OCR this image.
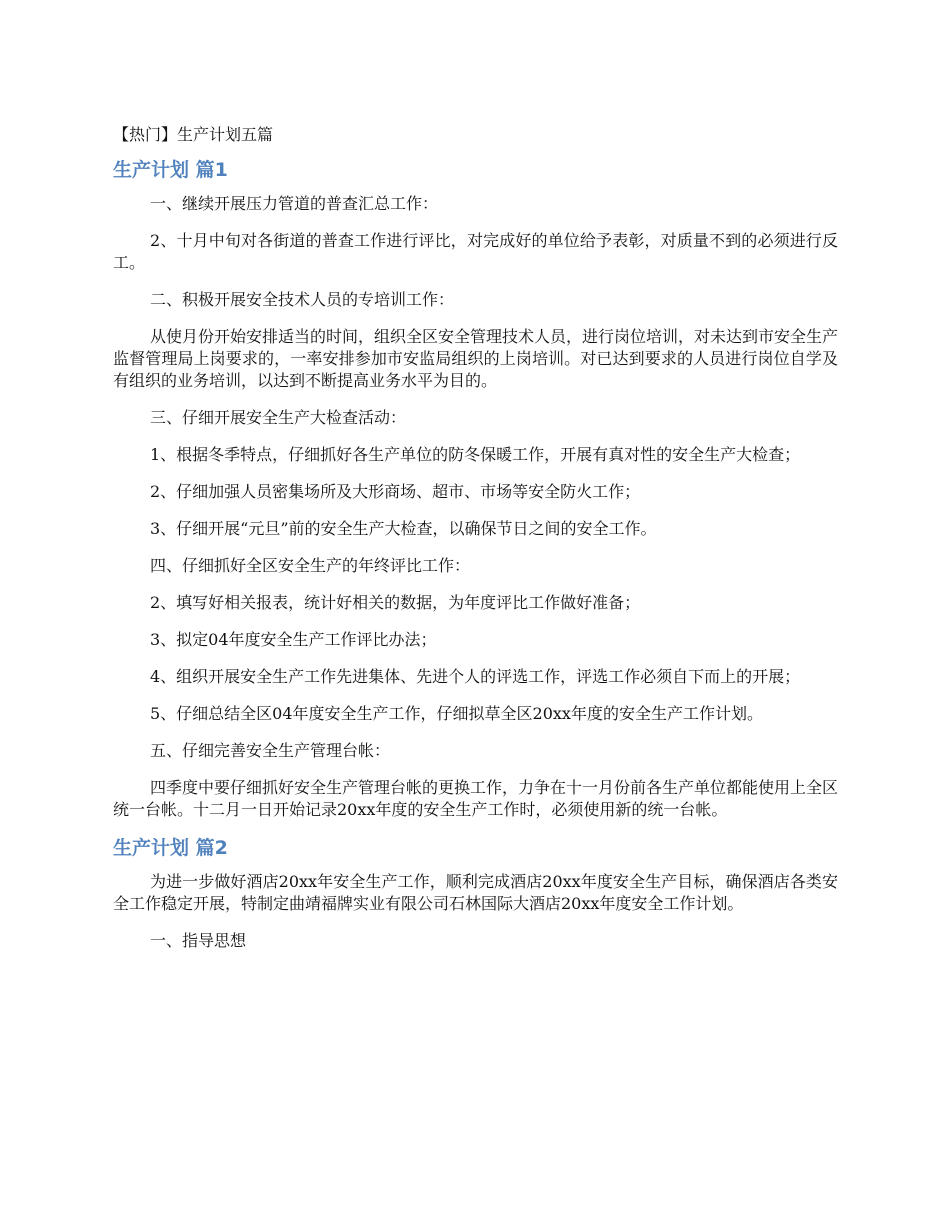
【热门】生产计划五篇
生产计划 篇1

一、继续开展压力管道的普查汇总工作：

2、十月中旬对各街道的普查工作进行评比，对完成好的单位给予表彰，对质量不到的必须进行反工。

二、积极开展安全技术人员的专培训工作：

从使月份开始安排适当的时间，组织全区安全管理技术人员，进行岗位培训，对未达到市安全生产监督管理局上岗要求的，一率安排参加市安监局组织的上岗培训。对已达到要求的人员进行岗位自学及有组织的业务培训，以达到不断提高业务水平为目的。

三、仔细开展安全生产大检查活动：

1、根据冬季特点，仔细抓好各生产单位的防冬保暖工作，开展有真对性的安全生产大检查；

2、仔细加强人员密集场所及大形商场、超市、市场等安全防火工作；

3、仔细开展“元旦”前的安全生产大检查，以确保节日之间的安全工作。

四、仔细抓好全区安全生产的年终评比工作：

2、填写好相关报表，统计好相关的数据，为年度评比工作做好准备；

3、拟定04年度安全生产工作评比办法；

4、组织开展安全生产工作先进集体、先进个人的评选工作，评选工作必须自下而上的开展；

5、仔细总结全区04年度安全生产工作，仔细拟草全区20xx年度的安全生产工作计划。

五、仔细完善安全生产管理台帐：

四季度中要仔细抓好安全生产管理台帐的更换工作，力争在十一月份前各生产单位都能使用上全区统一台帐。十二月一日开始记录20xx年度的安全生产工作时，必须使用新的统一台帐。

生产计划 篇2

为进一步做好酒店20xx年安全生产工作，顺利完成酒店20xx年度安全生产目标，确保酒店各类安全工作稳定开展，特制定曲靖福牌实业有限公司石林国际大酒店20xx年度安全工作计划。

一、指导思想
